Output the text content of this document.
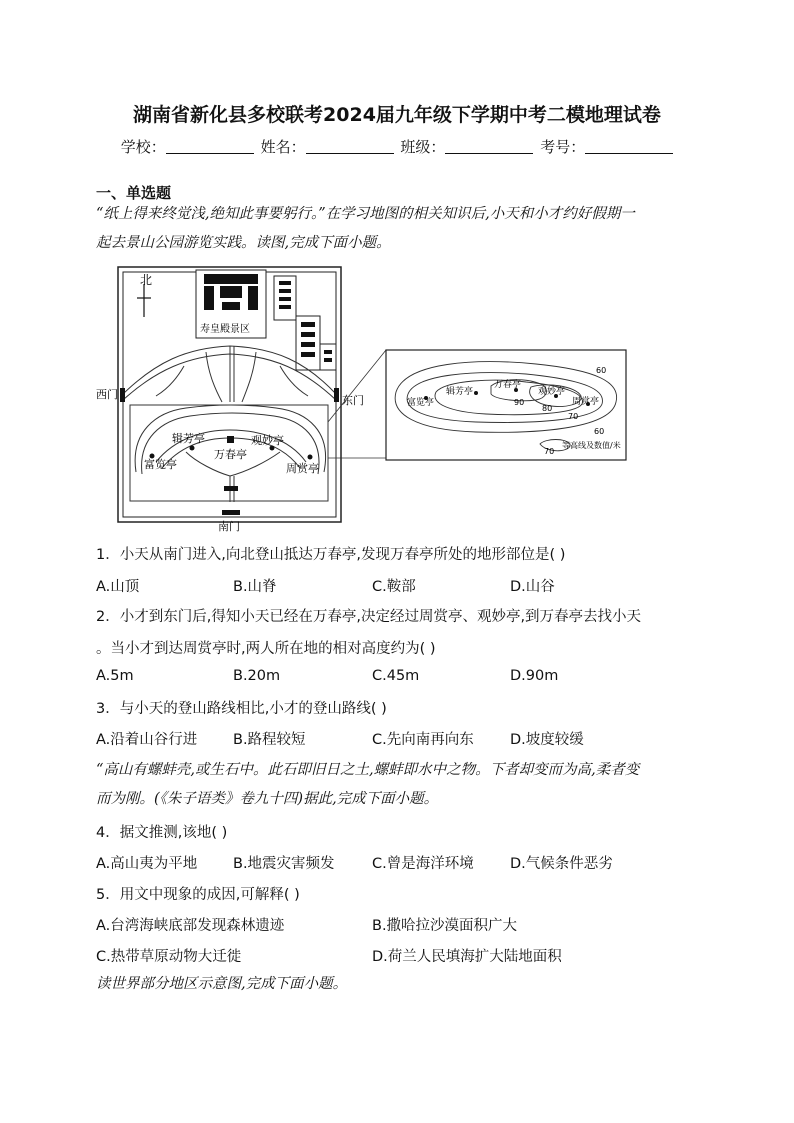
湖南省新化县多校联考2024届九年级下学期中考二模地理试卷
学校：	姓名：	班级：	考号：
一、单选题
“纸上得来终觉浅,绝知此事要躬行。”在学习地图的相关知识后,小天和小才约好假期一
起去景山公园游览实践。读图,完成下面小题。
北
寿皇殿景区
辑芳亭	观妙亭
万春亭
富览亭	周赏亭
西门	东门
南门
辑芳亭
万春亭
观妙亭
富览亭	周赏亭
60
90
80
70
60
70
等高线及数值/米
1．小天从南门进入,向北登山抵达万春亭,发现万春亭所处的地形部位是( )
A.山顶	B.山脊	C.鞍部	D.山谷
2．小才到东门后,得知小天已经在万春亭,决定经过周赏亭、观妙亭,到万春亭去找小天
。当小才到达周赏亭时,两人所在地的相对高度约为( )
A.5m	B.20m	C.45m	D.90m
3．与小天的登山路线相比,小才的登山路线( )
A.沿着山谷行进 B.路程较短	C.先向南再向东	D.坡度较缓
“高山有螺蚌壳,或生石中。此石即旧日之土,螺蚌即水中之物。下者却变而为高,柔者变
而为刚。(《朱子语类》卷九十四)据此,完成下面小题。
4．据文推测,该地( )
A.高山夷为平地 B.地震灾害频发	C.曾是海洋环境	D.气候条件恶劣
5．用文中现象的成因,可解释( )
A.台湾海峡底部发现森林遗迹	B.撒哈拉沙漠面积广大
C.热带草原动物大迁徙	D.荷兰人民填海扩大陆地面积
读世界部分地区示意图,完成下面小题。
